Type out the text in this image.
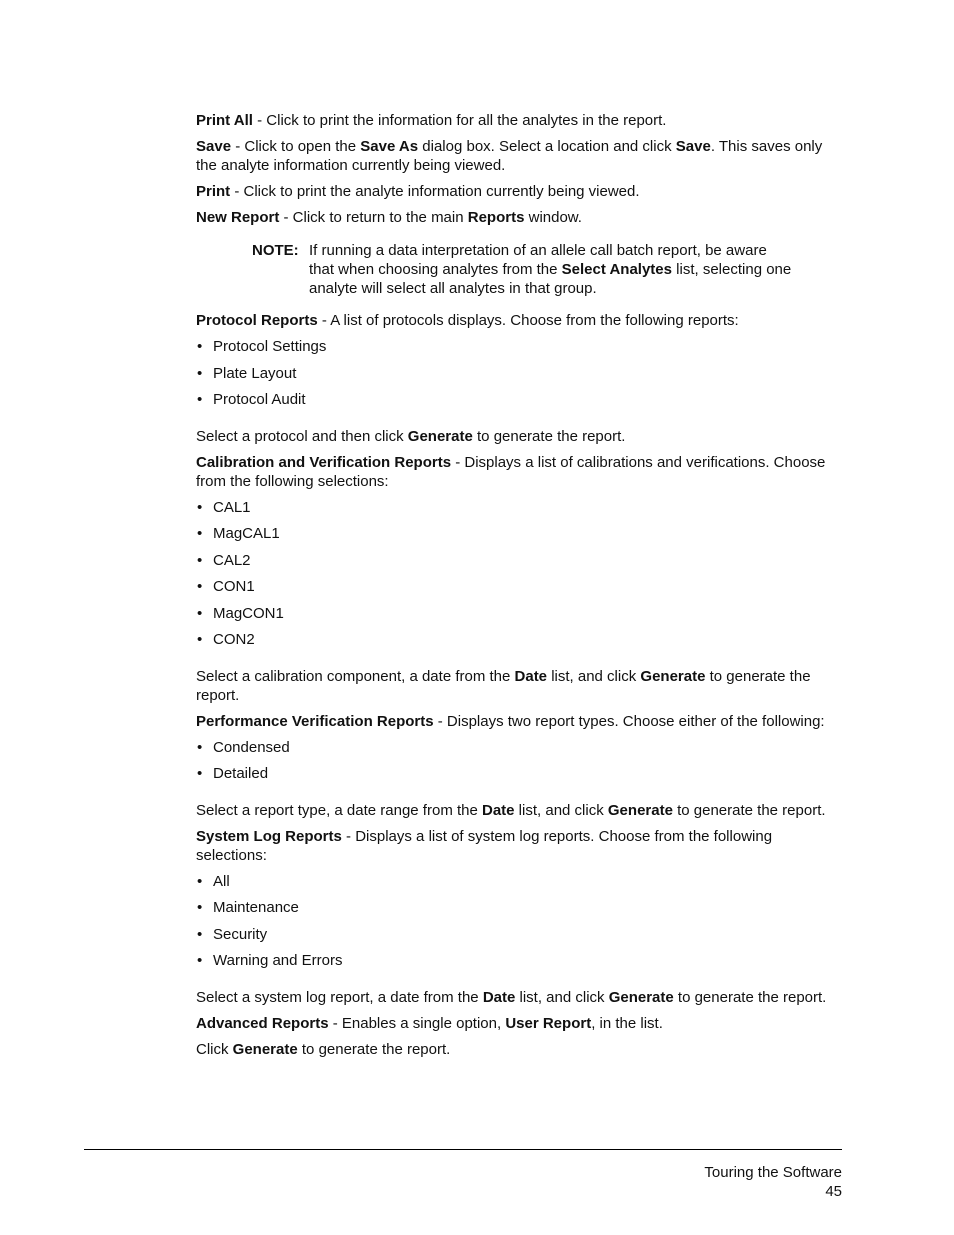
Print All - Click to print the information for all the analytes in the report.

Save - Click to open the Save As dialog box. Select a location and click Save. This saves only the analyte information currently being viewed.

Print - Click to print the analyte information currently being viewed.

New Report - Click to return to the main Reports window.

NOTE: If running a data interpretation of an allele call batch report, be aware that when choosing analytes from the Select Analytes list, selecting one analyte will select all analytes in that group.

Protocol Reports - A list of protocols displays. Choose from the following reports:

• Protocol Settings
• Plate Layout
• Protocol Audit

Select a protocol and then click Generate to generate the report.

Calibration and Verification Reports - Displays a list of calibrations and verifications. Choose from the following selections:

• CAL1
• MagCAL1
• CAL2
• CON1
• MagCON1
• CON2

Select a calibration component, a date from the Date list, and click Generate to generate the report.

Performance Verification Reports - Displays two report types. Choose either of the following:

• Condensed
• Detailed

Select a report type, a date range from the Date list, and click Generate to generate the report.

System Log Reports - Displays a list of system log reports. Choose from the following selections:

• All
• Maintenance
• Security
• Warning and Errors

Select a system log report, a date from the Date list, and click Generate to generate the report.

Advanced Reports - Enables a single option, User Report, in the list.

Click Generate to generate the report.

Touring the Software
45
